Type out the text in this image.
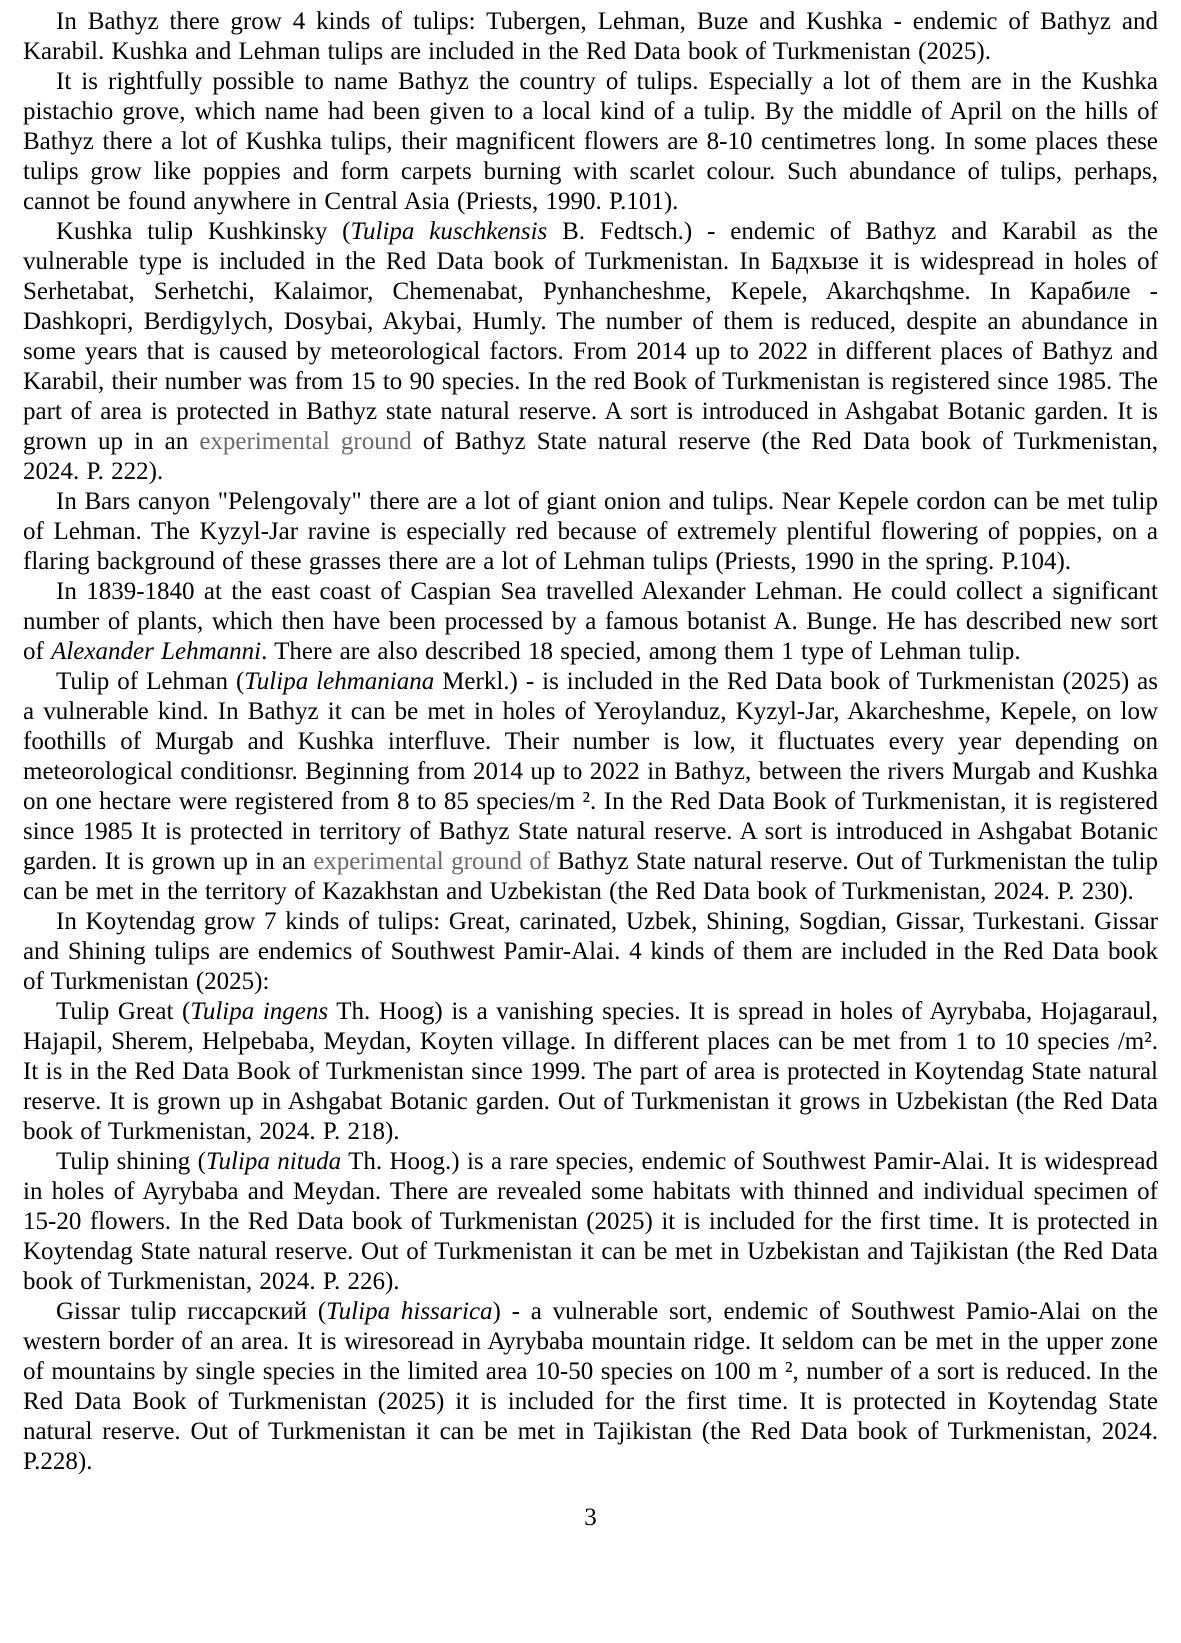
In Bathyz there grow 4 kinds of tulips: Tubergen, Lehman, Buze and Kushka - endemic of Bathyz and Karabil. Kushka and Lehman tulips are included in the Red Data book of Turkmenistan (2025).

It is rightfully possible to name Bathyz the country of tulips. Especially a lot of them are in the Kushka pistachio grove, which name had been given to a local kind of a tulip. By the middle of April on the hills of Bathyz there a lot of Kushka tulips, their magnificent flowers are 8-10 centimetres long. In some places these tulips grow like poppies and form carpets burning with scarlet colour. Such abundance of tulips, perhaps, cannot be found anywhere in Central Asia (Priests, 1990. P.101).

Kushka tulip Kushkinsky (Tulipa kuschkensis B. Fedtsch.) - endemic of Bathyz and Karabil as the vulnerable type is included in the Red Data book of Turkmenistan. In Бадхызе it is widespread in holes of Serhetabat, Serhetchi, Kalaimor, Chemenabat, Pynhancheshme, Kepele, Akarchqshme. In Карабиле - Dashkopri, Berdigylych, Dosybai, Akybai, Humly. The number of them is reduced, despite an abundance in some years that is caused by meteorological factors. From 2014 up to 2022 in different places of Bathyz and Karabil, their number was from 15 to 90 species. In the red Book of Turkmenistan is registered since 1985. The part of area is protected in Bathyz state natural reserve. A sort is introduced in Ashgabat Botanic garden. It is grown up in an experimental ground of Bathyz State natural reserve (the Red Data book of Turkmenistan, 2024. P. 222).

In Bars canyon "Pelengovaly" there are a lot of giant onion and tulips. Near Kepele cordon can be met tulip of Lehman. The Kyzyl-Jar ravine is especially red because of extremely plentiful flowering of poppies, on a flaring background of these grasses there are a lot of Lehman tulips (Priests, 1990 in the spring. P.104).

In 1839-1840 at the east coast of Caspian Sea travelled Alexander Lehman. He could collect a significant number of plants, which then have been processed by a famous botanist A. Bunge. He has described new sort of Alexander Lehmanni. There are also described 18 specied, among them 1 type of Lehman tulip.

Tulip of Lehman (Tulipa lehmaniana Merkl.) - is included in the Red Data book of Turkmenistan (2025) as a vulnerable kind. In Bathyz it can be met in holes of Yeroylanduz, Kyzyl-Jar, Akarcheshme, Kepele, on low foothills of Murgab and Kushka interfluve. Their number is low, it fluctuates every year depending on meteorological conditionsr. Beginning from 2014 up to 2022 in Bathyz, between the rivers Murgab and Kushka on one hectare were registered from 8 to 85 species/m ². In the Red Data Book of Turkmenistan, it is registered since 1985 It is protected in territory of Bathyz State natural reserve. A sort is introduced in Ashgabat Botanic garden. It is grown up in an experimental ground of Bathyz State natural reserve. Out of Turkmenistan the tulip can be met in the territory of Kazakhstan and Uzbekistan (the Red Data book of Turkmenistan, 2024. P. 230).

In Koytendag grow 7 kinds of tulips: Great, carinated, Uzbek, Shining, Sogdian, Gissar, Turkestani. Gissar and Shining tulips are endemics of Southwest Pamir-Alai. 4 kinds of them are included in the Red Data book of Turkmenistan (2025):

Tulip Great (Tulipa ingens Th. Hoog) is a vanishing species. It is spread in holes of Ayrybaba, Hojagaraul, Hajapil, Sherem, Helpebaba, Meydan, Koyten village. In different places can be met from 1 to 10 species /m². It is in the Red Data Book of Turkmenistan since 1999. The part of area is protected in Koytendag State natural reserve. It is grown up in Ashgabat Botanic garden. Out of Turkmenistan it grows in Uzbekistan (the Red Data book of Turkmenistan, 2024. P. 218).

Tulip shining (Tulipa nituda Th. Hoog.) is a rare species, endemic of Southwest Pamir-Alai. It is widespread in holes of Ayrybaba and Meydan. There are revealed some habitats with thinned and individual specimen of 15-20 flowers. In the Red Data book of Turkmenistan (2025) it is included for the first time. It is protected in Koytendag State natural reserve. Out of Turkmenistan it can be met in Uzbekistan and Tajikistan (the Red Data book of Turkmenistan, 2024. P. 226).

Gissar tulip гиссарский (Tulipa hissarica) - a vulnerable sort, endemic of Southwest Pamio-Alai on the western border of an area. It is wiresoread in Ayrybaba mountain ridge. It seldom can be met in the upper zone of mountains by single species in the limited area 10-50 species on 100 m ², number of a sort is reduced. In the Red Data Book of Turkmenistan (2025) it is included for the first time. It is protected in Koytendag State natural reserve. Out of Turkmenistan it can be met in Tajikistan (the Red Data book of Turkmenistan, 2024. P.228).

3
